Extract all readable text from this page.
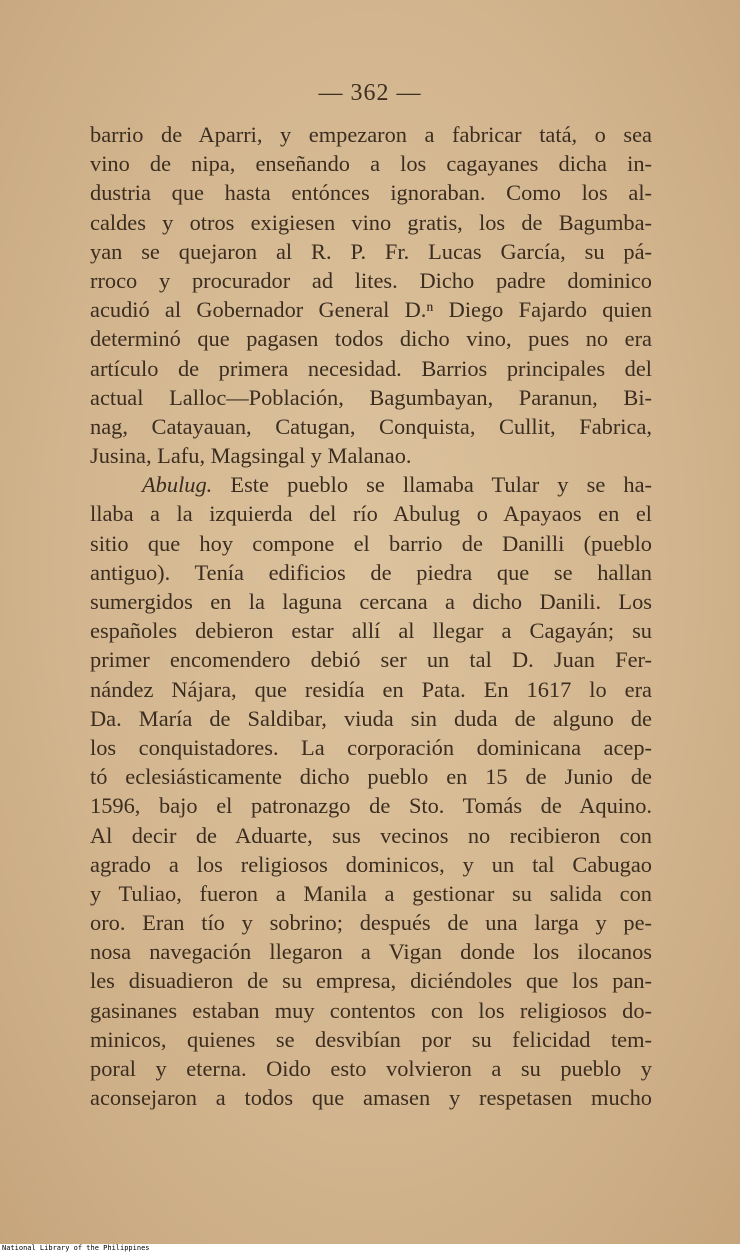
— 362 —
barrio de Aparri, y empezaron a fabricar tatá, o sea
vino de nipa, enseñando a los cagayanes dicha in-
dustria que hasta entónces ignoraban. Como los al-
caldes y otros exigiesen vino gratis, los de Bagumba-
yan se quejaron al R. P. Fr. Lucas García, su pá-
rroco y procurador ad lites. Dicho padre dominico
acudió al Gobernador General D.ⁿ Diego Fajardo quien
determinó que pagasen todos dicho vino, pues no era
artículo de primera necesidad. Barrios principales del
actual Lalloc—Población, Bagumbayan, Paranun, Bi-
nag, Catayauan, Catugan, Conquista, Cullit, Fabrica,
Jusina, Lafu, Magsingal y Malanao.
Abulug. Este pueblo se llamaba Tular y se ha-
llaba a la izquierda del río Abulug o Apayaos en el
sitio que hoy compone el barrio de Danilli (pueblo
antiguo). Tenía edificios de piedra que se hallan
sumergidos en la laguna cercana a dicho Danili. Los
españoles debieron estar allí al llegar a Cagayán; su
primer encomendero debió ser un tal D. Juan Fer-
nández Nájara, que residía en Pata. En 1617 lo era
Da. María de Saldibar, viuda sin duda de alguno de
los conquistadores. La corporación dominicana acep-
tó eclesiásticamente dicho pueblo en 15 de Junio de
1596, bajo el patronazgo de Sto. Tomás de Aquino.
Al decir de Aduarte, sus vecinos no recibieron con
agrado a los religiosos dominicos, y un tal Cabugao
y Tuliao, fueron a Manila a gestionar su salida con
oro. Eran tío y sobrino; después de una larga y pe-
nosa navegación llegaron a Vigan donde los ilocanos
les disuadieron de su empresa, diciéndoles que los pan-
gasinanes estaban muy contentos con los religiosos do-
minicos, quienes se desvibían por su felicidad tem-
poral y eterna. Oido esto volvieron a su pueblo y
aconsejaron a todos que amasen y respetasen mucho
National Library of the Philippines
